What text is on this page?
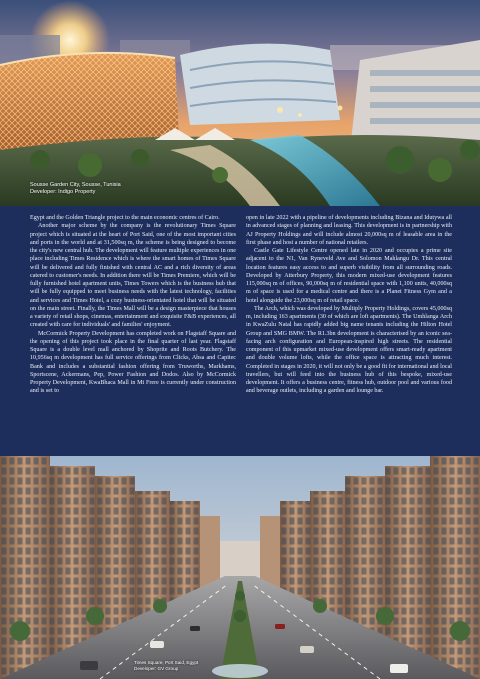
Sousse Garden City, Sousse, Tunisia
Developer: Indigo Property

Egypt and the Golden Triangle project to the main economic centres of Cairo.

Another major scheme by the company is the revolutionary Times Square project which is situated at the heart of Port Said, one of the most important cities and ports in the world and at 31,500sq m, the scheme is being designed to become the city's new central hub. The development will feature multiple experiences in one place including Times Residence which is where the smart homes of Times Square will be delivered and fully finished with central AC and a rich diversity of areas catered to customer's needs. In addition there will be Times Premiere, which will be fully furnished hotel apartment units, Times Towers which is the business hub that will be fully equipped to meet business needs with the latest technology, facilities and services and Times Hotel, a cozy business-orientated hotel that will be situated on the main street. Finally, the Times Mall will be a design masterpiece that houses a variety of retail shops, cinemas, entertainment and exquisite F&B experiences, all created with care for individuals' and families' enjoyment.

McCormick Property Development has completed work on Flagstaff Square and the opening of this project took place in the final quarter of last year. Flagstaff Square is a double level mall anchored by Shoprite and Roots Butchery. The 10,956sq m development has full service offerings from Clicks, Absa and Capitec Bank and includes a substantial fashion offering from Truworths, Markhams, Sportscene, Ackermans, Pep, Power Fashion and Dodos. Also by McCormick Property Development, KwaBhaca Mall in Mt Frere is currently under construction and is set to

open in late 2022 with a pipeline of developments including Bizana and Idutywa all in advanced stages of planning and leasing. This development is in partnership with AJ Property Holdings and will include almost 20,000sq m of leasable area in the first phase and host a number of national retailers.

Castle Gate Lifestyle Centre opened late in 2020 and occupies a prime site adjacent to the N1, Van Ryneveld Ave and Solomon Mahlangu Dr. This central location features easy access to and superb visibility from all surrounding roads. Developed by Atterbury Property, this modern mixed-use development features 115,000sq m of offices, 90,000sq m of residential space with 1,100 units, 40,000sq m of space is used for a medical centre and there is a Planet Fitness Gym and a hotel alongside the 23,000sq m of retail space.

The Arch, which was developed by Multiply Property Holdings, covers 45,000sq m, including 163 apartments (30 of which are loft apartments). The Umhlanga Arch in KwaZulu Natal has rapidly added big name tenants including the Hilton Hotel Group and SMG BMW. The R1.3bn development is characterised by an iconic sea-facing arch configuration and European-inspired high streets. The residential component of this upmarket mixed-use development offers smart-ready apartment and double volume lofts, while the office space is attracting much interest. Completed in stages in 2020, it will not only be a good fit for international and local travellers, but will feed into the business hub of this bespoke, mixed-use development. It offers a business centre, fitness hub, outdoor pool and various food and beverage outlets, including a garden and lounge bar.

Times Square, Port Said, Egypt
Developer: GV Group
